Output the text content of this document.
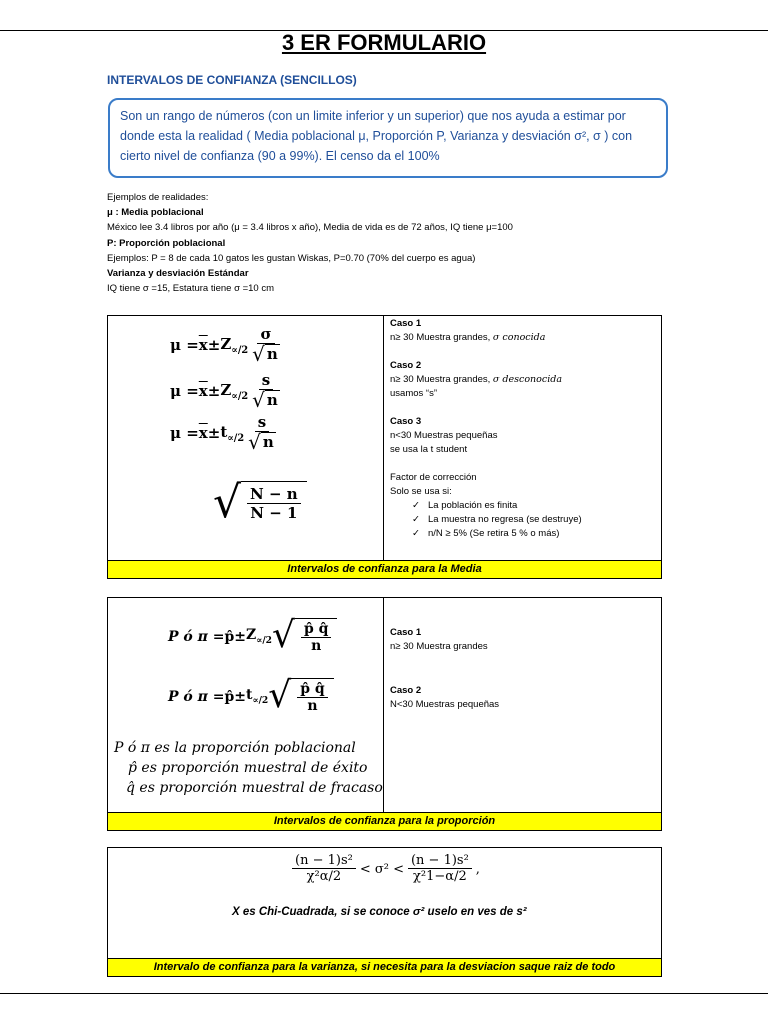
3 ER FORMULARIO
INTERVALOS DE CONFIANZA (SENCILLOS)
Son un rango de números (con un limite inferior y un superior) que nos ayuda a estimar por donde esta la realidad ( Media poblacional μ, Proporción P, Varianza y desviación σ², σ ) con cierto nivel de confianza (90 a 99%). El censo da el 100%
Ejemplos de realidades:
μ : Media poblacional
México lee 3.4 libros por año (μ = 3.4 libros x año), Media de vida es de 72 años, IQ tiene μ=100
P: Proporción poblacional
Ejemplos: P = 8 de cada 10 gatos les gustan Wiskas, P=0.70 (70% del cuerpo es agua)
Varianza y desviación Estándar
IQ tiene σ =15, Estatura tiene σ =10 cm
$\mu = \overline{x} \pm Z_{\propto/2} \frac{\sigma}{√ n}$
$\mu = \overline{x} \pm Z_{\propto/2} \frac{s}{√ n}$
$\mu = \overline{x} \pm t_{\propto/2} \frac{s}{√ n}$
√ $\frac{N - n}{N - 1}$
Caso 1
n≥ 30 Muestra grandes, σ conocida
Caso 2
n≥ 30 Muestra grandes, σ desconocida
usamos “s”
Caso 3
n<30 Muestras pequeñas
se usa la t student
Factor de corrección
Solo se usa si:
✓ La población es finita
✓ La muestra no regresa (se destruye)
✓ n/N ≥ 5% (Se retira 5 % o más)
Intervalos de confianza para la Media
P ó π = p̂ ± $Z_{\propto/2}$ √ $\frac{p̂ q̂}{n}$
P ó π = p̂ ± $t_{\propto/2}$ √ $\frac{p̂ q̂}{n}$
P ó π es la proporción poblacional
p̂ es proporción muestral de éxito
q̂ es proporción muestral de fracaso
Caso 1
n≥ 30 Muestra grandes
Caso 2
N<30 Muestras pequeñas
Intervalos de confianza para la proporción
$\frac{\text{(n − 1)s²}}{\text{χ²α/2}} < \sigma^2 < \frac{\text{(n − 1)s²}}{\text{χ²1−α/2}}$ ,
X es Chi-Cuadrada, si se conoce σ² uselo en ves de s²
Intervalo de confianza para la varianza, si necesita para la desviacion saque raiz de todo
